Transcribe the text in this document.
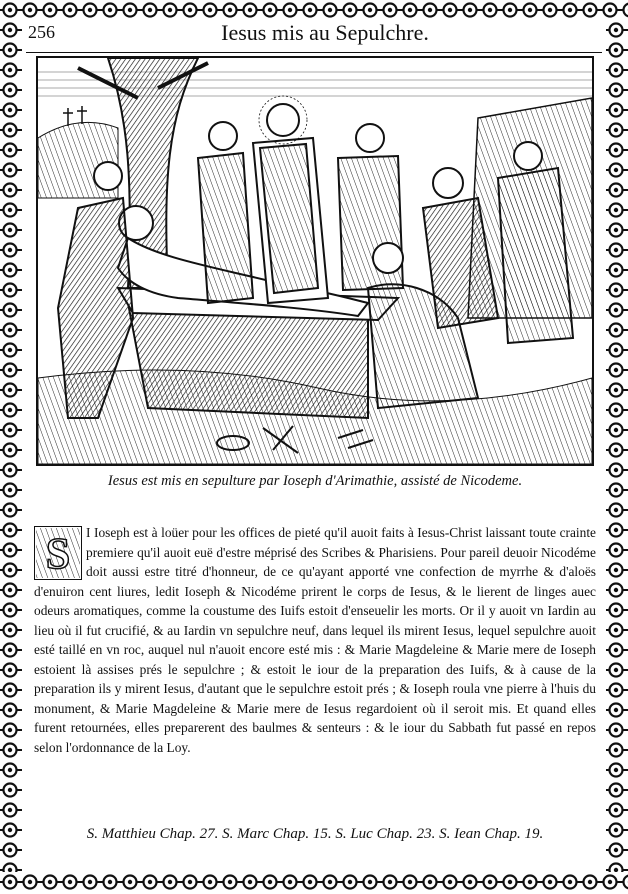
256	Iesus mis au Sepulchre.
Iesus est mis en sepulture par Ioseph d'Arimathie, assisté de Nicodeme.
S	I Ioseph est à loüer pour les offices de pieté qu'il auoit faits à Iesus-Christ laissant toute crainte premiere qu'il auoit euë d'estre méprisé des Scribes & Pharisiens. Pour pareil deuoir Nicodéme doit aussi estre titré d'honneur, de ce qu'ayant apporté vne confection de myrrhe & d'aloës d'enuiron cent liures, ledit Ioseph & Nicodéme prirent le corps de Iesus, & le lierent de linges auec odeurs aromatiques, comme la coustume des Iuifs estoit d'enseuelir les morts. Or il y auoit vn Iardin au lieu où il fut crucifié, & au Iardin vn sepulchre neuf, dans lequel ils mirent Iesus, lequel sepulchre auoit esté taillé en vn roc, auquel nul n'auoit encore esté mis : & Marie Magdeleine & Marie mere de Ioseph estoient là assises prés le sepulchre ; & estoit le iour de la preparation des Iuifs, & à cause de la preparation ils y mirent Iesus, d'autant que le sepulchre estoit prés ; & Ioseph roula vne pierre à l'huis du monument, & Marie Magdeleine & Marie mere de Iesus regardoient où il seroit mis. Et quand elles furent retournées, elles preparerent des baulmes & senteurs : & le iour du Sabbath fut passé en repos selon l'ordonnance de la Loy.

S. Matthieu Chap. 27. S. Marc Chap. 15. S. Luc Chap. 23. S. Iean Chap. 19.
